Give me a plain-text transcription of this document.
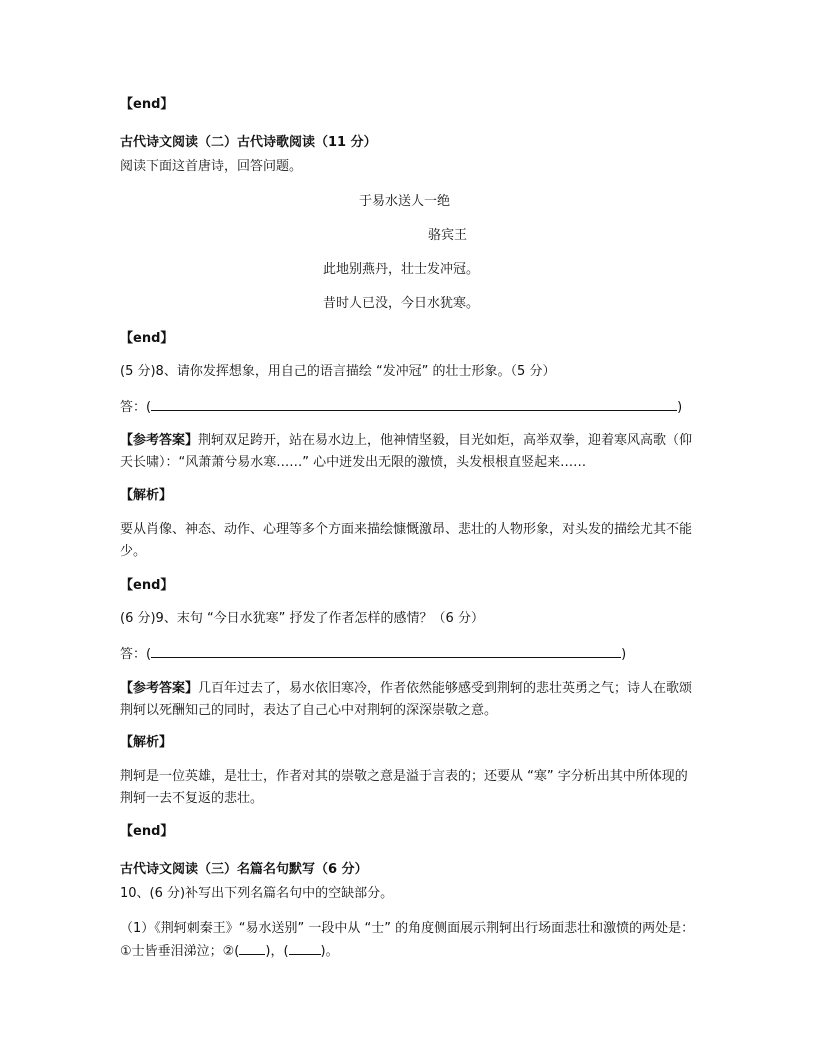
【end】
古代诗文阅读（二）古代诗歌阅读（11 分）
阅读下面这首唐诗，回答问题。
于易水送人一绝
骆宾王
此地别燕丹，壮士发冲冠。
昔时人已没，今日水犹寒。
【end】
(5 分)8、请你发挥想象，用自己的语言描绘 “发冲冠” 的壮士形象。（5 分）
答：(	)
【参考答案】荆轲双足跨开，站在易水边上，他神情坚毅，目光如炬，高举双拳，迎着寒风高歌（仰天长啸）：“风萧萧兮易水寒……” 心中迸发出无限的激愤，头发根根直竖起来……
【解析】
要从肖像、神态、动作、心理等多个方面来描绘慷慨激昂、悲壮的人物形象，对头发的描绘尤其不能少。
【end】
(6 分)9、末句 “今日水犹寒” 抒发了作者怎样的感情？（6 分）
答：(	)
【参考答案】几百年过去了，易水依旧寒冷，作者依然能够感受到荆轲的悲壮英勇之气；诗人在歌颂荆轲以死酬知己的同时，表达了自己心中对荆轲的深深崇敬之意。
【解析】
荆轲是一位英雄，是壮士，作者对其的崇敬之意是溢于言表的；还要从 “寒” 字分析出其中所体现的荆轲一去不复返的悲壮。
【end】
古代诗文阅读（三）名篇名句默写（6 分）
10、(6 分)补写出下列名篇名句中的空缺部分。
（1）《荆轲刺秦王》“易水送别” 一段中从 “士” 的角度侧面展示荆轲出行场面悲壮和激愤的两处是：①士皆垂泪涕泣；②( )，( )。
